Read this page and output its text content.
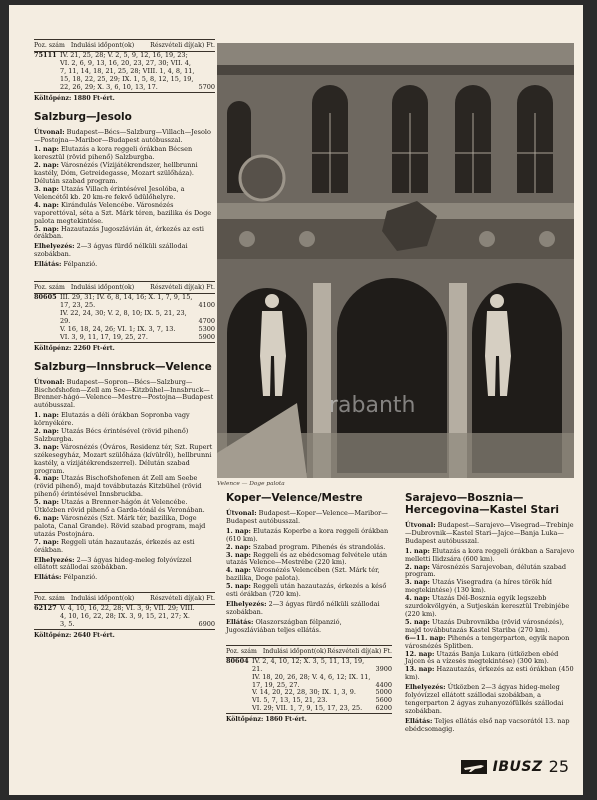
Poz. szám Indulási időpont(ok)	Részvételi díj(ak) Ft.
75111 IV. 21, 25, 28; V. 2, 5, 9, 12, 16, 19, 23; VI. 2, 6, 9, 13, 16, 20, 23, 27, 30; VII. 4, 7, 11, 14, 18, 21, 25, 28; VIII. 1, 4, 8, 11, 15, 18, 22, 25, 29; IX. 1, 5, 8, 12, 15, 19, 22, 26, 29; X. 3, 6, 10, 13, 17.	5700
Költőpénz: 1880 Ft-ért.
Salzburg—Jesolo
Útvonal: Budapest—Bécs—Salzburg—Villach—Jesolo—Postojna—Maribor—Budapest autóbusszal.
1. nap: Elutazás a kora reggeli órákban Bécsen keresztül (rövid pihenő) Salzburgba.
2. nap: Városnézés (Vízijátékrendszer, hellbrunni kastély, Dóm, Getreidegasse, Mozart szülőháza). Délután szabad program.
3. nap: Utazás Villach érintésével Jesolóba, a Velencétől kb. 20 km-re fekvő üdülőhelyre.
4. nap: Kirándulás Velencébe. Városnézés vaporettóval, séta a Szt. Márk téren, bazilika és Doge palota megtekintése.
5. nap: Hazautazás Jugoszlávián át, érkezés az esti órákban.
Elhelyezés: 2—3 ágyas fürdő nélküli szállodai szobákban.
Ellátás: Félpanzió.
Poz. szám Indulási időpont(ok)	Részvételi díj(ak) Ft.
80605 III. 29, 31; IV. 6, 8, 14, 16; X. 1, 7, 9, 15, 17, 23, 25.	4100
IV. 22, 24, 30; V. 2, 8, 10; IX. 5, 21, 23, 29.	4700
V. 16, 18, 24, 26; VI. 1; IX. 3, 7, 13.	5300
VI. 3, 9, 11, 17, 19, 25, 27.	5900
Költőpénz: 2260 Ft-ért.
Salzburg—Innsbruck—Velence
Útvonal: Budapest—Sopron—Bécs—Salzburg—Bischofshofen—Zell am See—Kitzbühel—Innsbruck—Brenner-hágó—Velence—Mestre—Postojna—Budapest autóbusszal.
1. nap: Elutazás a déli órákban Sopronba vagy környékére.
2. nap: Utazás Bécs érintésével (rövid pihenő) Salzburgba.
3. nap: Városnézés (Óváros, Residenz tér, Szt. Rupert székesegyház, Mozart szülőháza (kívülről), hellbrunni kastély, a vízijátékrendszerrel). Délután szabad program.
4. nap: Utazás Bischofshofenen át Zell am Seebe (rövid pihenő), majd továbbutazás Kitzbühel (rövid pihenő) érintésével Innsbruckba.
5. nap: Utazás a Brenner-hágón át Velencébe. Útközben rövid pihenő a Garda-tónál és Veronában.
6. nap: Városnézés (Szt. Márk tér, bazilika, Doge palota, Canal Grande). Rövid szabad program, majd utazás Postojnára.
7. nap: Reggeli után hazautazás, érkezés az esti órákban.
Elhelyezés: 2—3 ágyas hideg-meleg folyóvízzel ellátott szállodai szobákban.
Ellátás: Félpanzió.
Poz. szám Indulási időpont(ok)	Részvételi díj(ak) Ft.
62127 V. 4, 10, 16, 22, 28; VI. 3, 9; VII. 29; VIII. 4, 10, 16, 22, 28; IX. 3, 9, 15, 21, 27; X. 3, 5.	6900
Költőpénz: 2640 Ft-ért.
rabanth
Velence — Doge palota
Koper—Velence/Mestre
Útvonal: Budapest—Koper—Velence—Maribor—Budapest autóbusszal.
1. nap: Elutazás Koperbe a kora reggeli órákban (610 km).
2. nap: Szabad program. Pihenés és strandolás.
3. nap: Reggeli és az ebédcsomag felvétele után utazás Velence—Mestrébe (220 km).
4. nap: Városnézés Velencében (Szt. Márk tér, bazilika, Doge palota).
5. nap: Reggeli után hazautazás, érkezés a késő esti órákban (720 km).
Elhelyezés: 2—3 ágyas fürdő nélküli szállodai szobákban.
Ellátás: Olaszországban félpanzió, Jugoszláviában teljes ellátás.
Poz. szám Indulási időpont(ok) Részvételi díj(ak) Ft.
80604 IV. 2, 4, 10, 12; X. 3, 5, 11, 13, 19, 21.	3900
IV. 18, 20, 26, 28; V. 4, 6, 12; IX. 11, 17, 19, 25, 27.	4400
V. 14, 20, 22, 28, 30; IX. 1, 3, 9.	5000
VI. 5, 7, 13, 15, 21, 23.	5600
VI. 29; VII. 1, 7, 9, 15, 17, 23, 25.	6200
Költőpénz: 1860 Ft-ért.
Sarajevo—Bosznia—Hercegovina—Kastel Stari
Útvonal: Budapest—Sarajevo—Visegrad—Trebinje—Dubrovnik—Kastel Stari—Jajce—Banja Luka—Budapest autóbusszal.
1. nap: Elutazás a kora reggeli órákban a Sarajevo melletti Ilidzsára (600 km).
2. nap: Városnézés Sarajevoban, délután szabad program.
3. nap: Utazás Visegradra (a híres török híd megtekintése) (130 km).
4. nap: Utazás Dél-Bosznia egyik legszebb szurdokvölgyén, a Sutjeskán keresztül Trebinjébe (220 km).
5. nap: Utazás Dubrovnikba (rövid városnézés), majd továbbutazás Kastel Stariba (270 km).
6—11. nap: Pihenés a tengerparton, egyik napon városnézés Splitben.
12. nap: Utazás Banja Lukara (útközben ebéd Jajcen és a vízesés megtekintése) (300 km).
13. nap: Hazautazás, érkezés az esti órákban (450 km).
Elhelyezés: Útközben 2—3 ágyas hideg-meleg folyóvízzel ellátott szállodai szobákban, a tengerparton 2 ágyas zuhanyozófülkés szállodai szobákban.
Ellátás: Teljes ellátás első nap vacsorától 13. nap ebédcsomagig.
IBUSZ 25
